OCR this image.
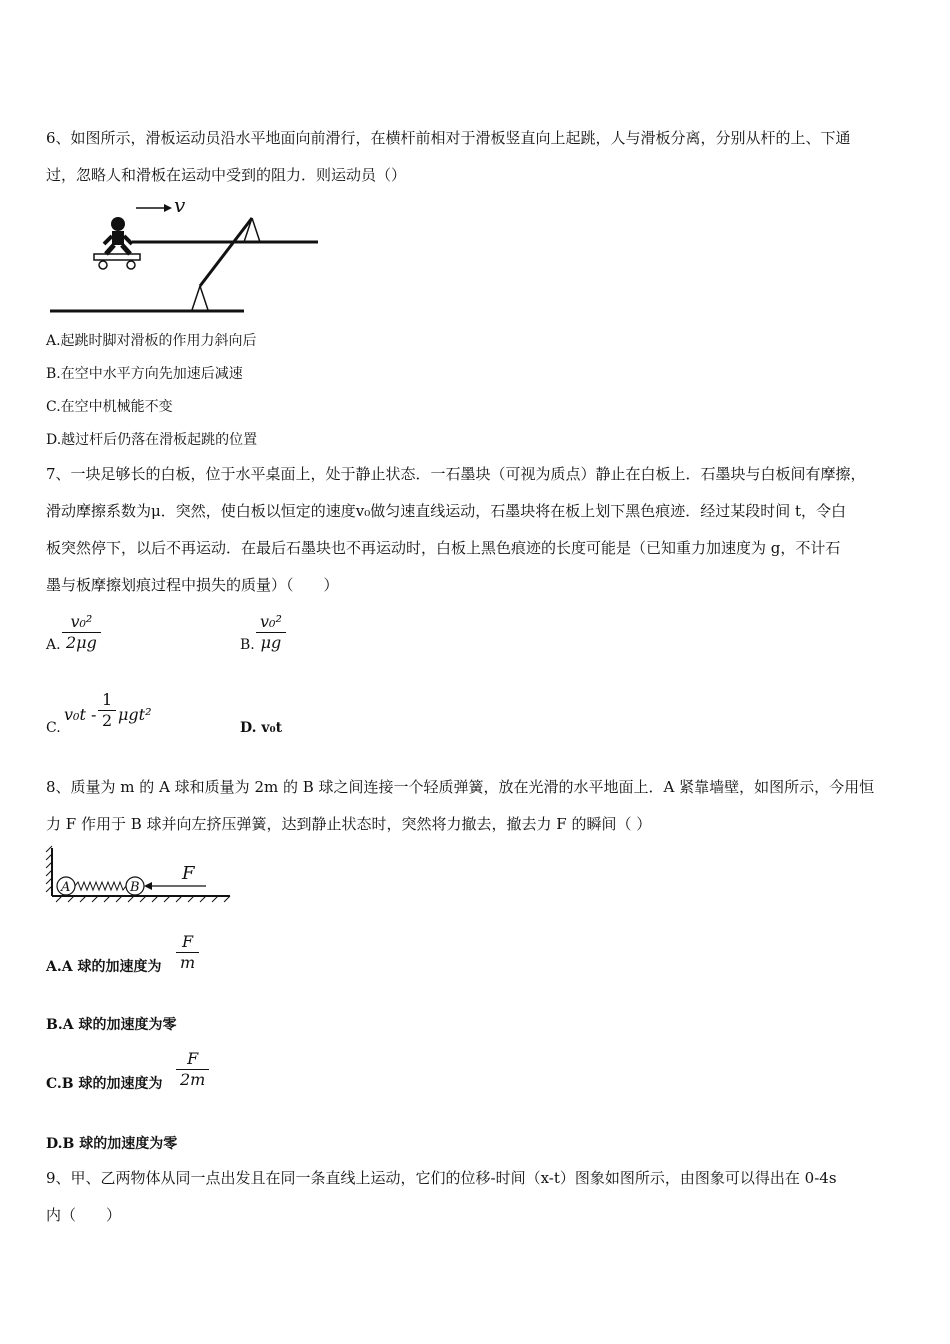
6、如图所示，滑板运动员沿水平地面向前滑行，在横杆前相对于滑板竖直向上起跳，人与滑板分离，分别从杆的上、下通
过，忽略人和滑板在运动中受到的阻力．则运动员（）
v
A.起跳时脚对滑板的作用力斜向后
B.在空中水平方向先加速后减速
C.在空中机械能不变
D.越过杆后仍落在滑板起跳的位置
7、一块足够长的白板，位于水平桌面上，处于静止状态．一石墨块（可视为质点）静止在白板上．石墨块与白板间有摩擦，
滑动摩擦系数为μ．突然，使白板以恒定的速度v₀做匀速直线运动，石墨块将在板上划下黑色痕迹．经过某段时间 t，令白
板突然停下，以后不再运动．在最后石墨块也不再运动时，白板上黑色痕迹的长度可能是（已知重力加速度为 g，不计石
墨与板摩擦划痕过程中损失的质量）（　　）
A.
v₀²
2μg	B.
v₀²
μg
C.
v₀t -
1
2 μgt²
D. v₀t
8、质量为 m 的 A 球和质量为 2m 的 B 球之间连接一个轻质弹簧，放在光滑的水平地面上．A 紧靠墙壁，如图所示，今用恒
力 F 作用于 B 球并向左挤压弹簧，达到静止状态时，突然将力撤去，撤去力 F 的瞬间（ ）
A	B
F
A.A 球的加速度为
F
m
B.A 球的加速度为零
C.B 球的加速度为
F
2m
D.B 球的加速度为零
9、甲、乙两物体从同一点出发且在同一条直线上运动，它们的位移-时间（x-t）图象如图所示，由图象可以得出在 0-4s
内（　　）
